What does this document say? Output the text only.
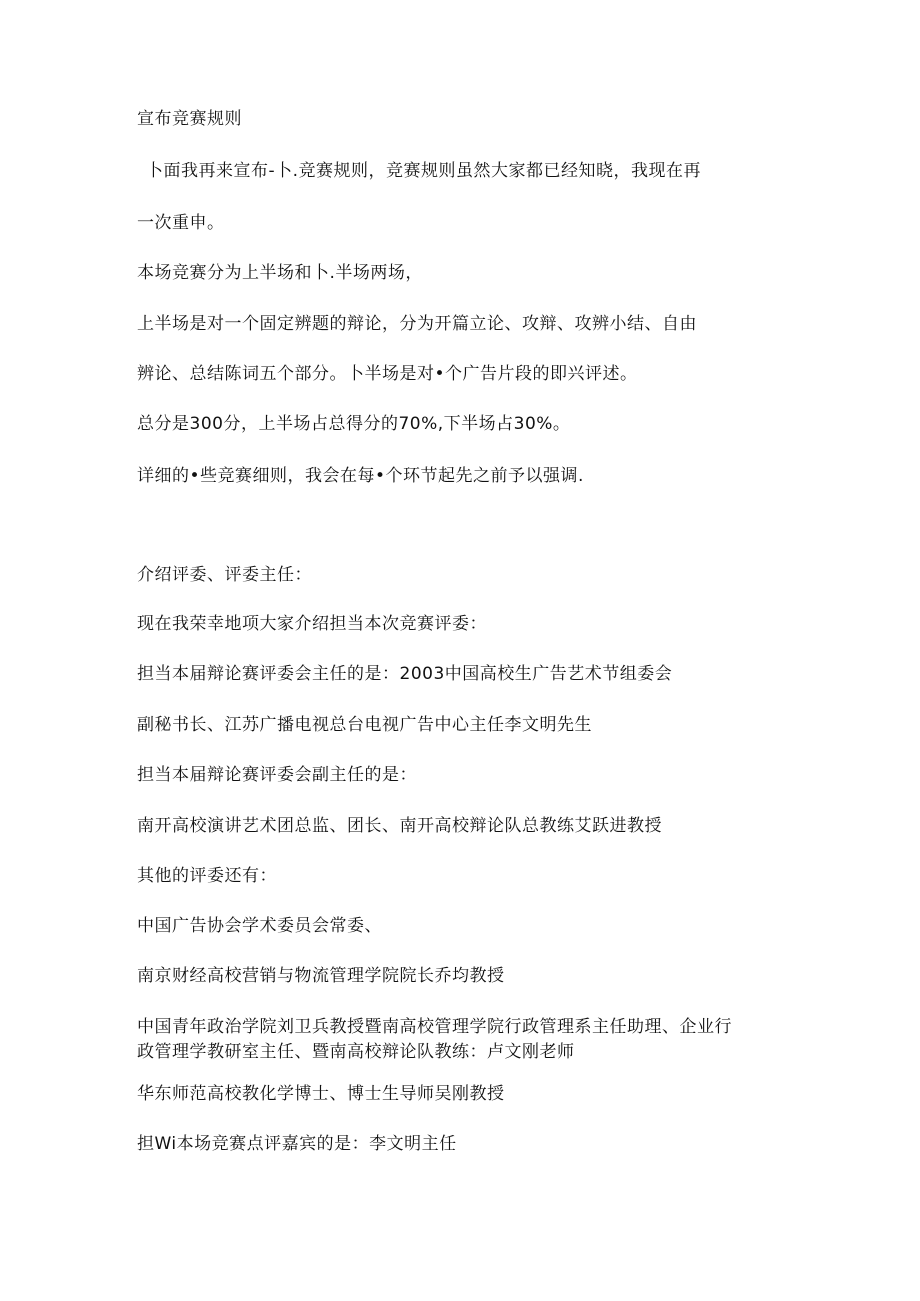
宣布竞赛规则
卜面我再来宣布-卜.竞赛规则，竞赛规则虽然大家都已经知晓，我现在再
一次重申。
本场竞赛分为上半场和卜.半场两场，
上半场是对一个固定辨题的辩论，分为开篇立论、攻辩、攻辨小结、自由
辨论、总结陈词五个部分。卜半场是对•个广告片段的即兴评述。
总分是300分，上半场占总得分的70%,下半场占30%。
详细的•些竞赛细则，我会在每•个环节起先之前予以强调.
介绍评委、评委主任：
现在我荣幸地项大家介绍担当本次竞赛评委：
担当本届辩论赛评委会主任的是：2003中国高校生广告艺术节组委会
副秘书长、江苏广播电视总台电视广告中心主任李文明先生
担当本届辩论赛评委会副主任的是：
南开高校演讲艺术团总监、团长、南开高校辩论队总教练艾跃进教授
其他的评委还有：
中国广告协会学术委员会常委、
南京财经高校营销与物流管理学院院长乔均教授
中国青年政治学院刘卫兵教授暨南高校管理学院行政管理系主任助理、企业行
政管理学教研室主任、暨南高校辩论队教练：卢文刚老师
华东师范高校教化学博士、博士生导师吴刚教授
担Wi本场竞赛点评嘉宾的是：李文明主任
